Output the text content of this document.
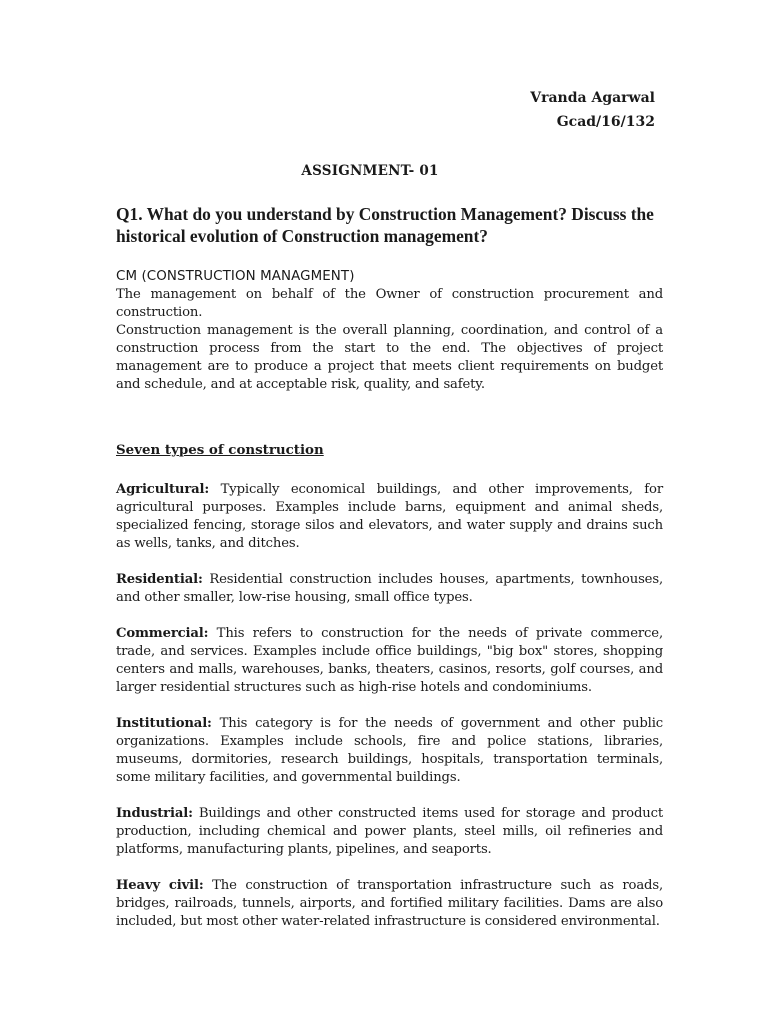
Vranda Agarwal
Gcad/16/132
ASSIGNMENT- 01

Q1. What do you understand by Construction Management? Discuss the historical evolution of Construction management?

CM (CONSTRUCTION MANAGMENT)

The management on behalf of the Owner of construction procurement and construction.

Construction management is the overall planning, coordination, and control of a construction process from the start to the end. The objectives of project management are to produce a project that meets client requirements on budget and schedule, and at acceptable risk, quality, and safety.

Seven types of construction

Agricultural: Typically economical buildings, and other improvements, for agricultural purposes. Examples include barns, equipment and animal sheds, specialized fencing, storage silos and elevators, and water supply and drains such as wells, tanks, and ditches.

Residential: Residential construction includes houses, apartments, townhouses, and other smaller, low-rise housing, small office types.

Commercial: This refers to construction for the needs of private commerce, trade, and services. Examples include office buildings, "big box" stores, shopping centers and malls, warehouses, banks, theaters, casinos, resorts, golf courses, and larger residential structures such as high-rise hotels and condominiums.

Institutional: This category is for the needs of government and other public organizations. Examples include schools, fire and police stations, libraries, museums, dormitories, research buildings, hospitals, transportation terminals, some military facilities, and governmental buildings.

Industrial: Buildings and other constructed items used for storage and product production, including chemical and power plants, steel mills, oil refineries and platforms, manufacturing plants, pipelines, and seaports.

Heavy civil: The construction of transportation infrastructure such as roads, bridges, railroads, tunnels, airports, and fortified military facilities. Dams are also included, but most other water-related infrastructure is considered environmental.
